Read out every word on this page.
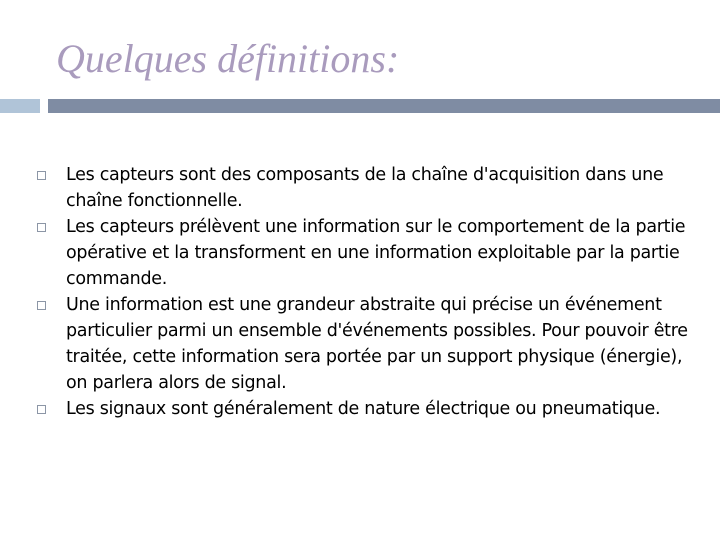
Quelques définitions:
Les capteurs sont des composants de la chaîne d'acquisition dans une chaîne fonctionnelle.
Les capteurs prélèvent une information sur le comportement de la partie opérative et la transforment en une information exploitable par la partie commande.
Une information est une grandeur abstraite qui précise un événement particulier parmi un ensemble d'événements possibles. Pour pouvoir être traitée, cette information sera portée par un support physique (énergie), on parlera alors de signal.
Les signaux sont généralement de nature électrique ou pneumatique.
